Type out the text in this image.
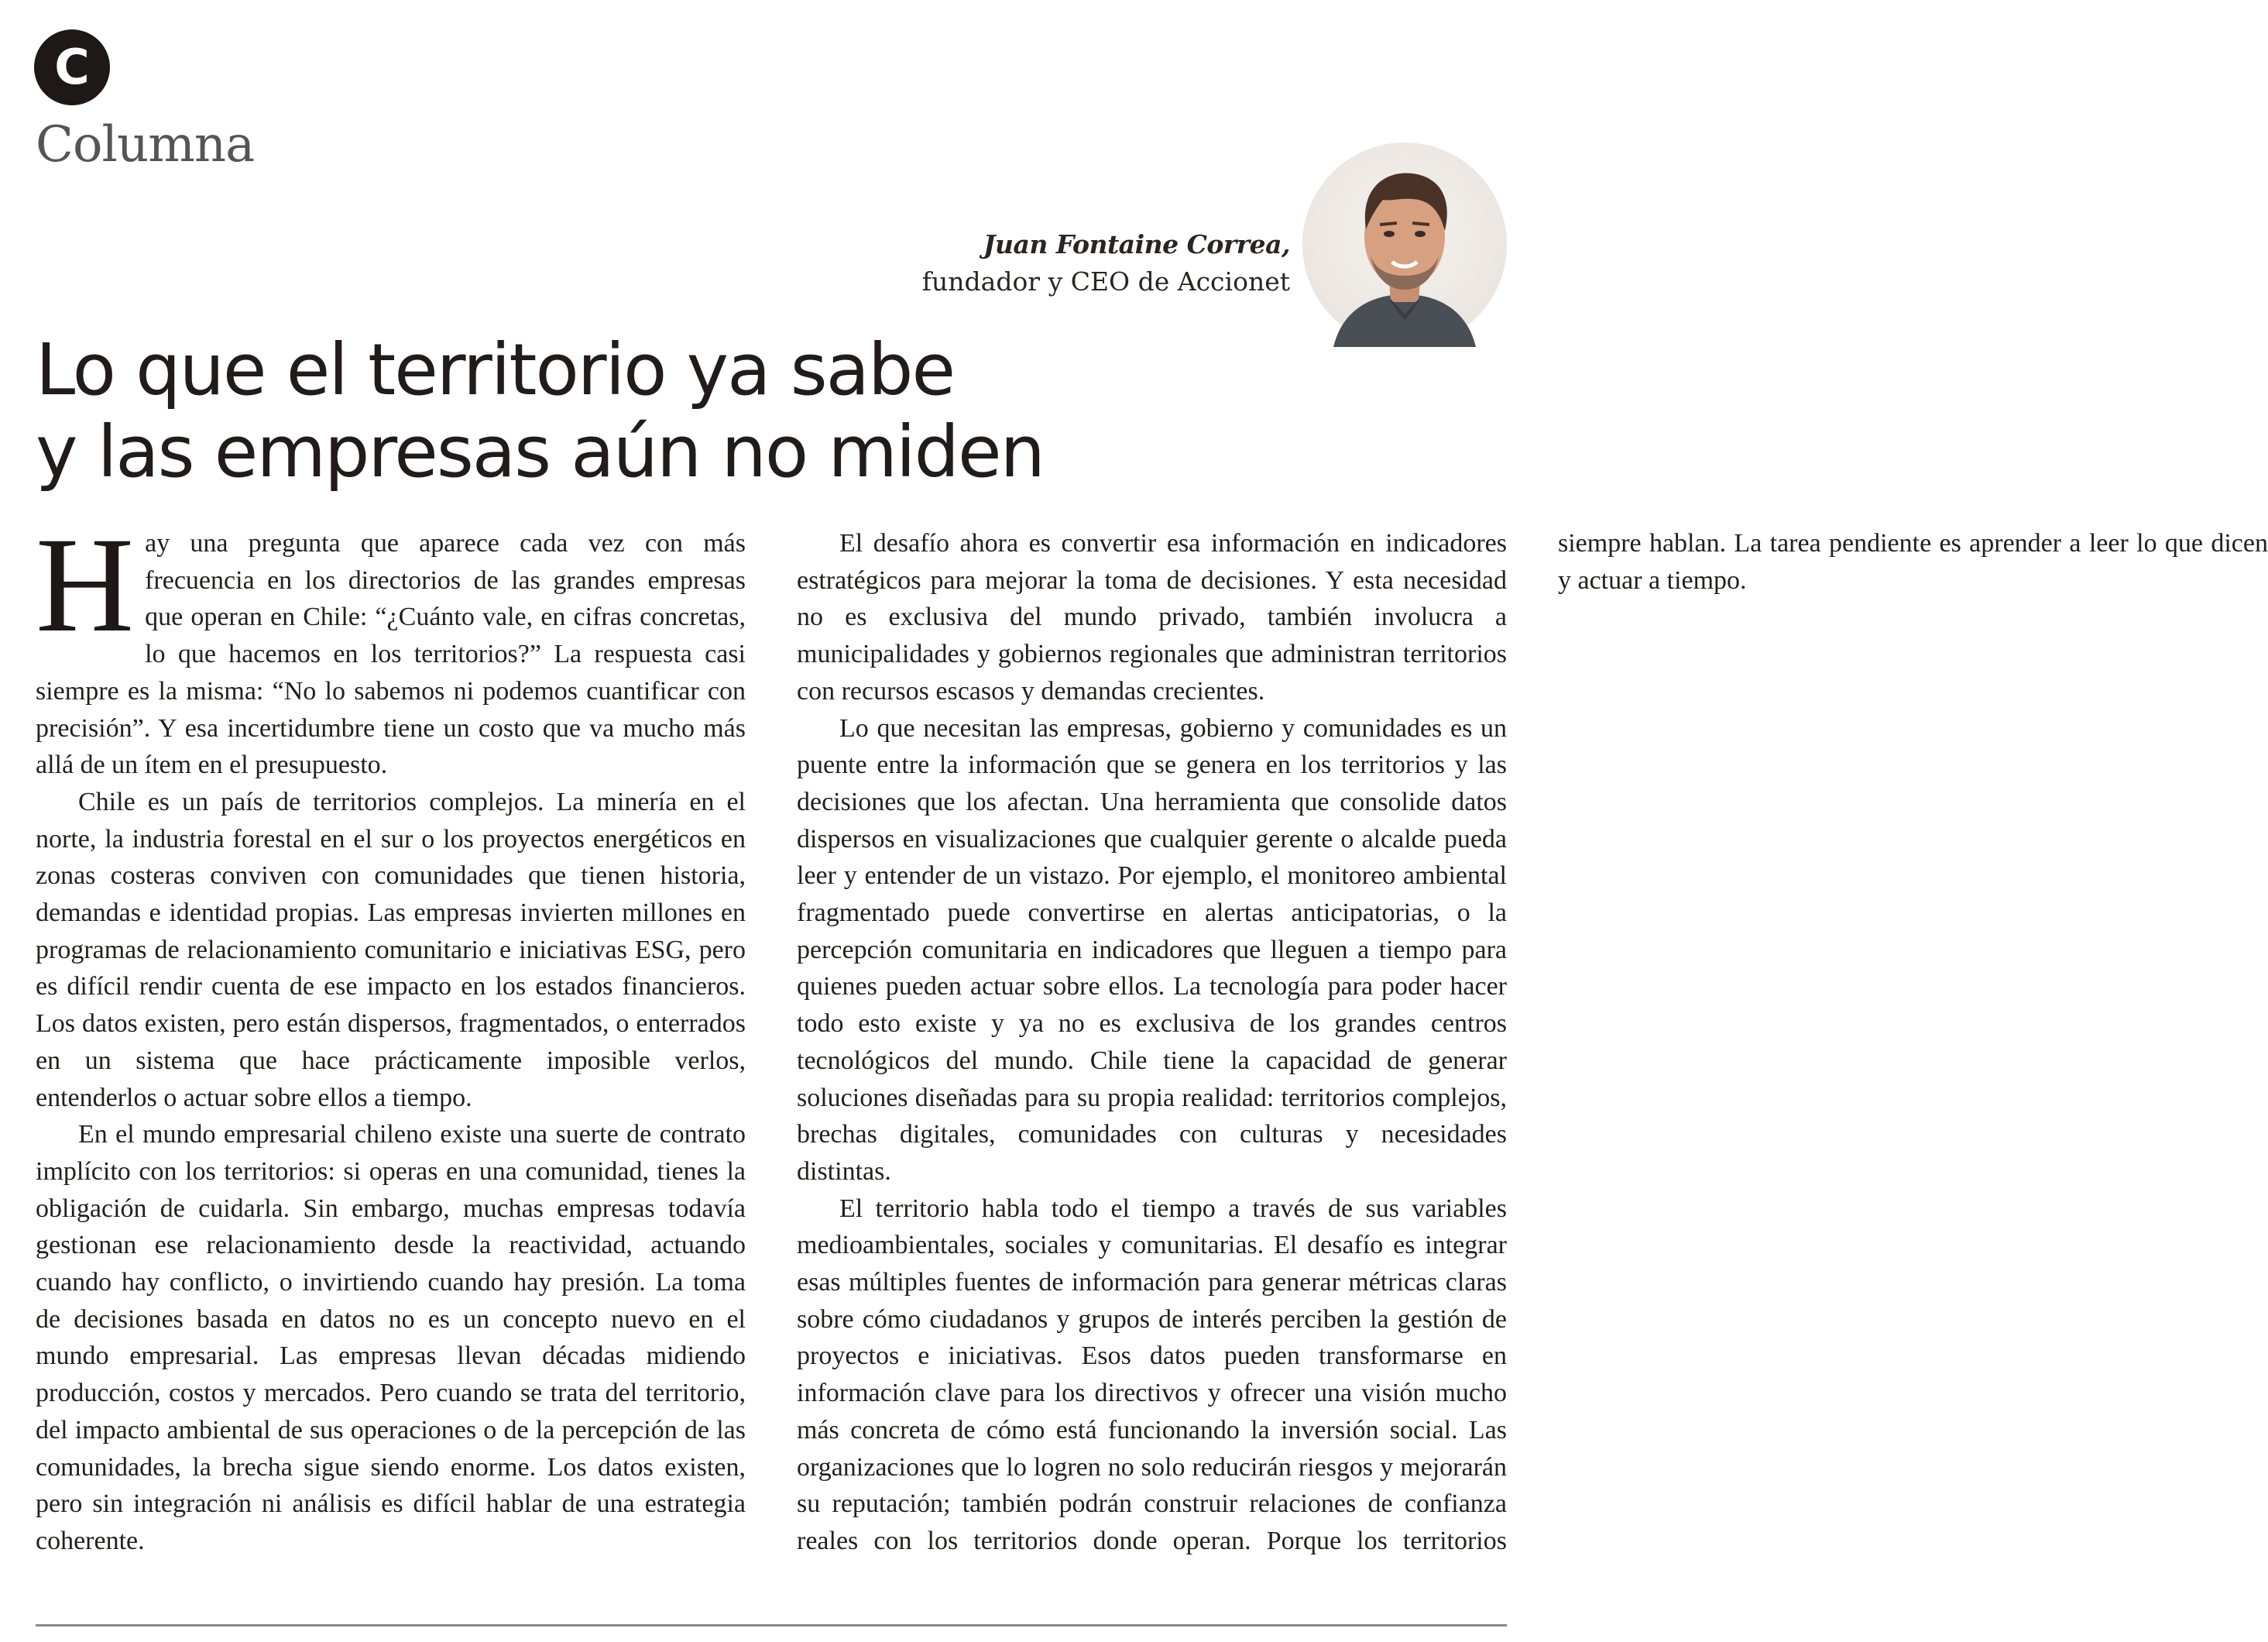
C
Columna
Juan Fontaine Correa,
fundador y CEO de Accionet
Lo que el territorio ya sabe
y las empresas aún no miden

Hay una pregunta que aparece cada vez con más frecuencia en los directorios de las grandes empresas que operan en Chile: “¿Cuánto vale, en cifras concretas, lo que hacemos en los territorios?” La respuesta casi siempre es la misma: “No lo sabemos ni podemos cuantificar con precisión”. Y esa incertidumbre tiene un costo que va mucho más allá de un ítem en el presupuesto.

Chile es un país de territorios complejos. La minería en el norte, la industria forestal en el sur o los proyectos energéticos en zonas costeras conviven con comunidades que tienen historia, demandas e identidad propias. Las empresas invierten millones en programas de relacionamiento comunitario e iniciativas ESG, pero es difícil rendir cuenta de ese impacto en los estados financieros. Los datos existen, pero están dispersos, fragmentados, o enterrados en un sistema que hace prácticamente imposible verlos, entenderlos o actuar sobre ellos a tiempo.

En el mundo empresarial chileno existe una suerte de contrato implícito con los territorios: si operas en una comunidad, tienes la obligación de cuidarla. Sin embargo, muchas empresas todavía gestionan ese relacionamiento desde la reactividad, actuando cuando hay conflicto, o invirtiendo cuando hay presión. La toma de decisiones basada en datos no es un concepto nuevo en el mundo empresarial. Las empresas llevan décadas midiendo producción, costos y mercados. Pero cuando se trata del territorio, del impacto ambiental de sus operaciones o de la percepción de las comunidades, la brecha sigue siendo enorme. Los datos existen, pero sin integración ni análisis es difícil hablar de una estrategia coherente.

El desafío ahora es convertir esa información en indicadores estratégicos para mejorar la toma de decisiones. Y esta necesidad no es exclusiva del mundo privado, también involucra a municipalidades y gobiernos regionales que administran territorios con recursos escasos y demandas crecientes.

Lo que necesitan las empresas, gobierno y comunidades es un puente entre la información que se genera en los territorios y las decisiones que los afectan. Una herramienta que consolide datos dispersos en visualizaciones que cualquier gerente o alcalde pueda leer y entender de un vistazo. Por ejemplo, el monitoreo ambiental fragmentado puede convertirse en alertas anticipatorias, o la percepción comunitaria en indicadores que lleguen a tiempo para quienes pueden actuar sobre ellos. La tecnología para poder hacer todo esto existe y ya no es exclusiva de los grandes centros tecnológicos del mundo. Chile tiene la capacidad de generar soluciones diseñadas para su propia realidad: territorios complejos, brechas digitales, comunidades con culturas y necesidades distintas.

El territorio habla todo el tiempo a través de sus variables medioambientales, sociales y comunitarias. El desafío es integrar esas múltiples fuentes de información para generar métricas claras sobre cómo ciudadanos y grupos de interés perciben la gestión de proyectos e iniciativas. Esos datos pueden transformarse en información clave para los directivos y ofrecer una visión mucho más concreta de cómo está funcionando la inversión social. Las organizaciones que lo logren no solo reducirán riesgos y mejorarán su reputación; también podrán construir relaciones de confianza reales con los territorios donde operan. Porque los territorios siempre hablan. La tarea pendiente es aprender a leer lo que dicen y actuar a tiempo.
